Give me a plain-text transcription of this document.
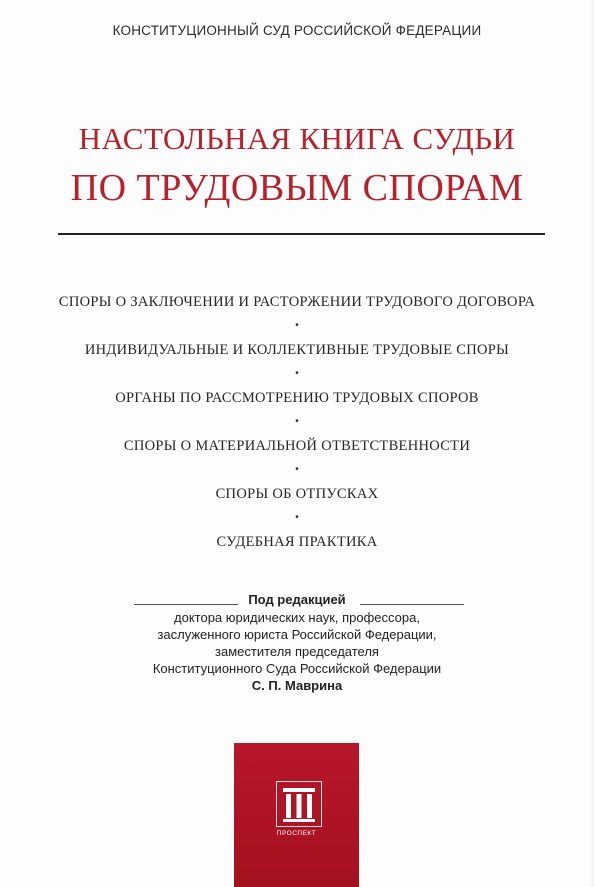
КОНСТИТУЦИОННЫЙ СУД РОССИЙСКОЙ ФЕДЕРАЦИИ
НАСТОЛЬНАЯ КНИГА СУДЬИ
ПО ТРУДОВЫМ СПОРАМ
СПОРЫ О ЗАКЛЮЧЕНИИ И РАСТОРЖЕНИИ ТРУДОВОГО ДОГОВОРА
•
ИНДИВИДУАЛЬНЫЕ И КОЛЛЕКТИВНЫЕ ТРУДОВЫЕ СПОРЫ
•
ОРГАНЫ ПО РАССМОТРЕНИЮ ТРУДОВЫХ СПОРОВ
•
СПОРЫ О МАТЕРИАЛЬНОЙ ОТВЕТСТВЕННОСТИ
•
СПОРЫ ОБ ОТПУСКАХ
•
СУДЕБНАЯ ПРАКТИКА
Под редакцией
доктора юридических наук, профессора,
заслуженного юриста Российской Федерации,
заместителя председателя
Конституционного Суда Российской Федерации
С. П. Маврина
ПРОСПЕКТ
